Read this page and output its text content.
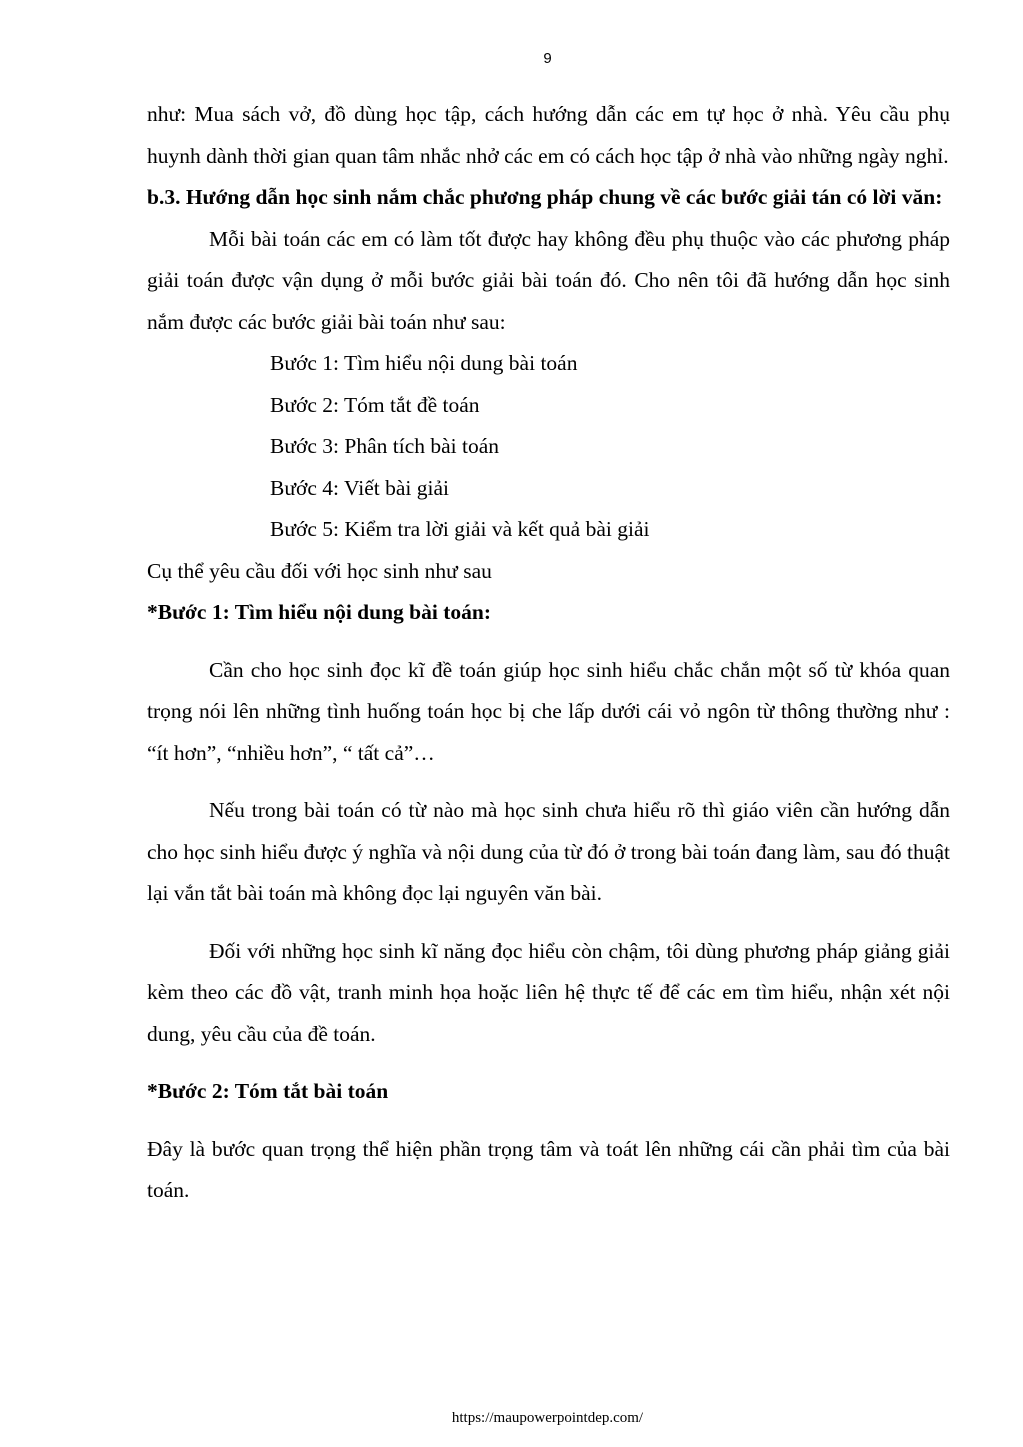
9

như: Mua sách vở, đồ dùng học tập, cách hướng dẫn các em tự học ở nhà. Yêu cầu phụ huynh dành thời gian quan tâm nhắc nhở các em có cách học tập ở nhà vào những ngày nghỉ.

b.3. Hướng dẫn học sinh nắm chắc phương pháp chung về các bước giải tán có lời văn:

Mỗi bài toán các em có làm tốt được hay không đều phụ thuộc vào các phương pháp giải toán được vận dụng ở mỗi bước giải bài toán đó. Cho nên tôi đã hướng dẫn học sinh nắm được các bước giải bài toán như sau:

Bước 1: Tìm hiểu nội dung bài toán

Bước 2: Tóm tắt đề toán

Bước 3: Phân tích bài toán

Bước 4: Viết bài giải

Bước 5: Kiểm tra lời giải và kết quả bài giải

Cụ thể yêu cầu đối với học sinh như sau

*Bước 1: Tìm hiểu nội dung bài toán:

Cần cho học sinh đọc kĩ đề toán giúp học sinh hiểu chắc chắn một số từ khóa quan trọng nói lên những tình huống toán học bị che lấp dưới cái vỏ ngôn từ thông thường như : “ít hơn”, “nhiều hơn”, “ tất cả”…

Nếu trong bài toán có từ nào mà học sinh chưa hiểu rõ thì giáo viên cần hướng dẫn cho học sinh hiểu được ý nghĩa và nội dung của từ đó ở trong bài toán đang làm, sau đó thuật lại vắn tắt bài toán mà không đọc lại nguyên văn bài.

Đối với những học sinh kĩ năng đọc hiểu còn chậm, tôi dùng phương pháp giảng giải kèm theo các đồ vật, tranh minh họa hoặc liên hệ thực tế để các em tìm hiểu, nhận xét nội dung, yêu cầu của đề toán.

*Bước 2: Tóm tắt bài toán

Đây là bước quan trọng thể hiện phần trọng tâm và toát lên những cái cần phải tìm của bài toán.

https://maupowerpointdep.com/
